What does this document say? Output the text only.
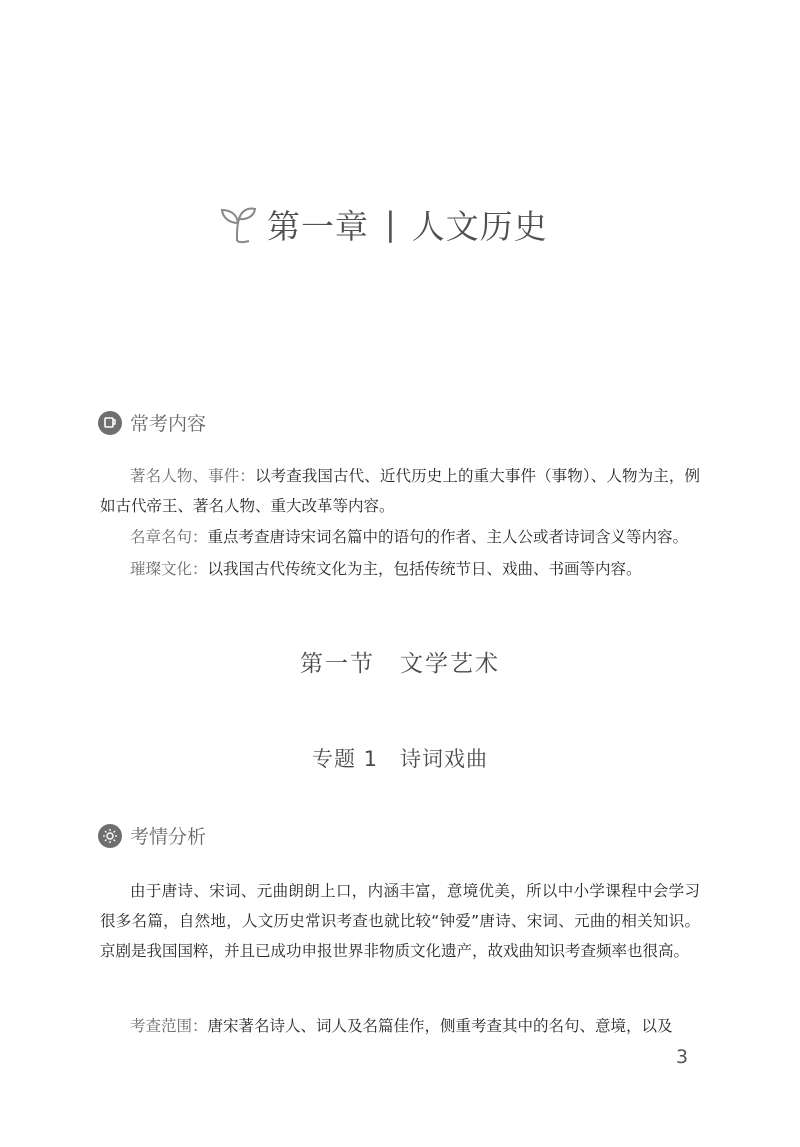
第一章 | 人文历史
常考内容
著名人物、事件：以考查我国古代、近代历史上的重大事件（事物）、人物为主，例如古代帝王、著名人物、重大改革等内容。
名章名句：重点考查唐诗宋词名篇中的语句的作者、主人公或者诗词含义等内容。
璀璨文化：以我国古代传统文化为主，包括传统节日、戏曲、书画等内容。
第一节　文学艺术
专题 1　诗词戏曲
考情分析
由于唐诗、宋词、元曲朗朗上口，内涵丰富，意境优美，所以中小学课程中会学习很多名篇，自然地，人文历史常识考查也就比较“钟爱”唐诗、宋词、元曲的相关知识。京剧是我国国粹，并且已成功申报世界非物质文化遗产，故戏曲知识考查频率也很高。
考查范围：唐宋著名诗人、词人及名篇佳作，侧重考查其中的名句、意境，以及
3
